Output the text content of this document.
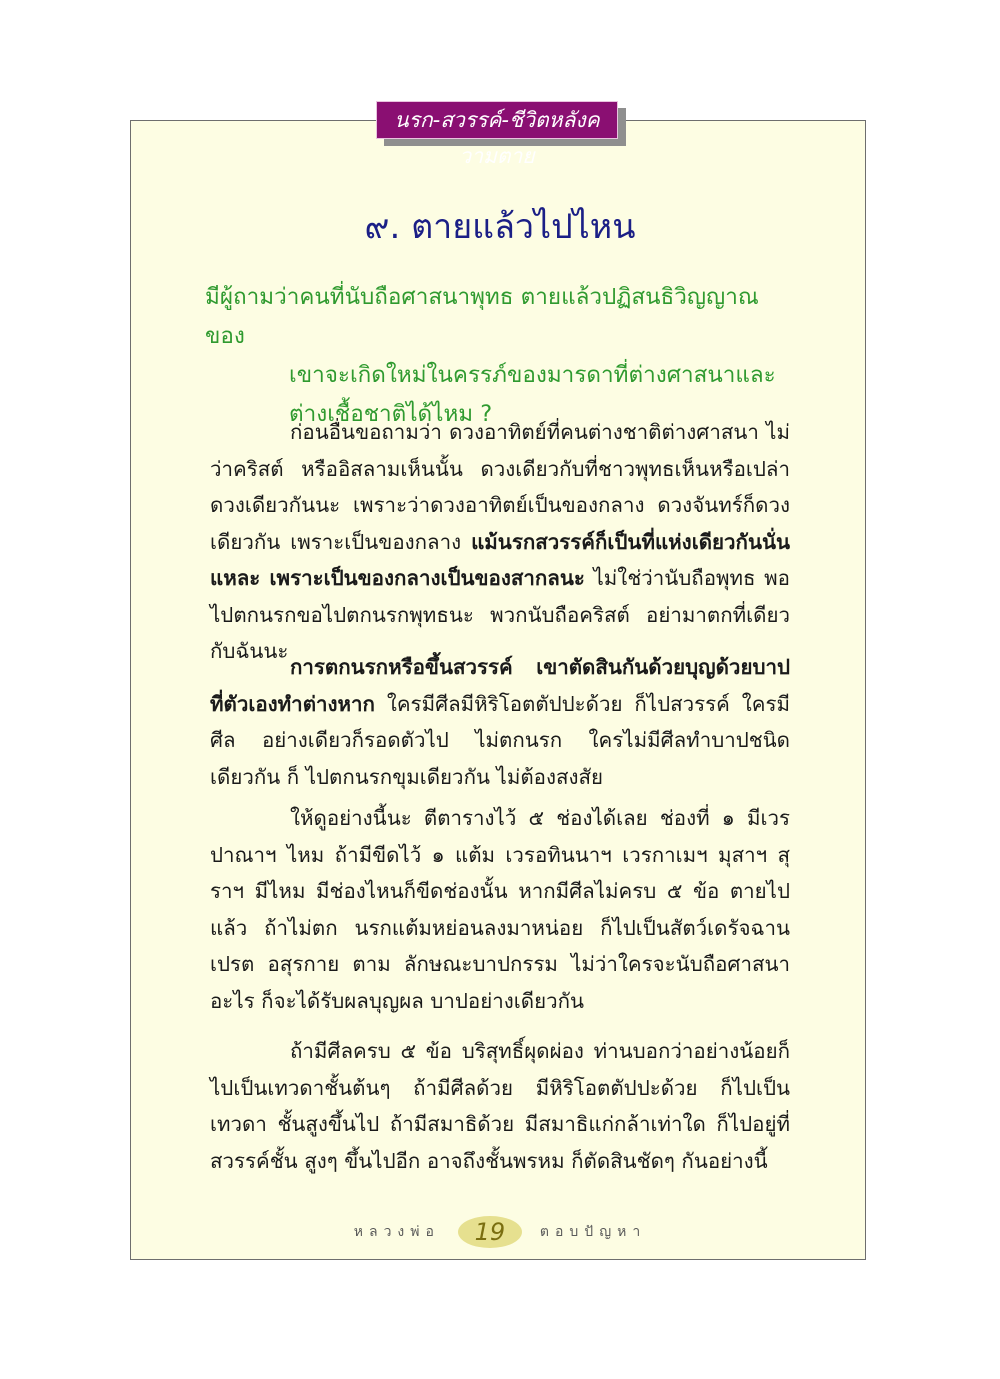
นรก-สวรรค์-ชีวิตหลังความตาย
๙. ตายแล้วไปไหน
มีผู้ถามว่าคนที่นับถือศาสนาพุทธ ตายแล้วปฏิสนธิวิญญาณ ของ
เขาจะเกิดใหม่ในครรภ์ของมารดาที่ต่างศาสนาและ
ต่างเชื้อชาติได้ไหม ?
ก่อนอื่นขอถามว่า ดวงอาทิตย์ที่คนต่างชาติต่างศาสนา ไม่ว่าคริสต์ หรืออิสลามเห็นนั้น ดวงเดียวกับที่ชาวพุทธเห็นหรือเปล่า ดวงเดียวกันนะ เพราะว่าดวงอาทิตย์เป็นของกลาง ดวงจันทร์ก็ดวงเดียวกัน เพราะเป็นของกลาง แม้นรกสวรรค์ก็เป็นที่แห่งเดียวกันนั่นแหละ เพราะเป็นของกลางเป็นของสากลนะ ไม่ใช่ว่านับถือพุทธ พอไปตกนรกขอไปตกนรกพุทธนะ พวกนับถือคริสต์ อย่ามาตกที่เดียวกับฉันนะ
การตกนรกหรือขึ้นสวรรค์ เขาตัดสินกันด้วยบุญด้วยบาป ที่ตัวเองทำต่างหาก ใครมีศีลมีหิริโอตตัปปะด้วย ก็ไปสวรรค์ ใครมีศีล อย่างเดียวก็รอดตัวไป ไม่ตกนรก ใครไม่มีศีลทำบาปชนิดเดียวกัน ก็ ไปตกนรกขุมเดียวกัน ไม่ต้องสงสัย
ให้ดูอย่างนี้นะ ตีตารางไว้ ๕ ช่องได้เลย ช่องที่ ๑ มีเวรปาณาฯ ไหม ถ้ามีขีดไว้ ๑ แต้ม เวรอทินนาฯ เวรกาเมฯ มุสาฯ สุราฯ มีไหม มีช่องไหนก็ขีดช่องนั้น หากมีศีลไม่ครบ ๕ ข้อ ตายไปแล้ว ถ้าไม่ตก นรกแต้มหย่อนลงมาหน่อย ก็ไปเป็นสัตว์เดรัจฉาน เปรต อสุรกาย ตาม ลักษณะบาปกรรม ไม่ว่าใครจะนับถือศาสนาอะไร ก็จะได้รับผลบุญผล บาปอย่างเดียวกัน
ถ้ามีศีลครบ ๕ ข้อ บริสุทธิ์ผุดผ่อง ท่านบอกว่าอย่างน้อยก็ ไปเป็นเทวดาชั้นต้นๆ ถ้ามีศีลด้วย มีหิริโอตตัปปะด้วย ก็ไปเป็นเทวดา ชั้นสูงขึ้นไป ถ้ามีสมาธิด้วย มีสมาธิแก่กล้าเท่าใด ก็ไปอยู่ที่สวรรค์ชั้น สูงๆ ขึ้นไปอีก อาจถึงชั้นพรหม ก็ตัดสินชัดๆ กันอย่างนี้
หลวงพ่อ 19 ตอบปัญหา
